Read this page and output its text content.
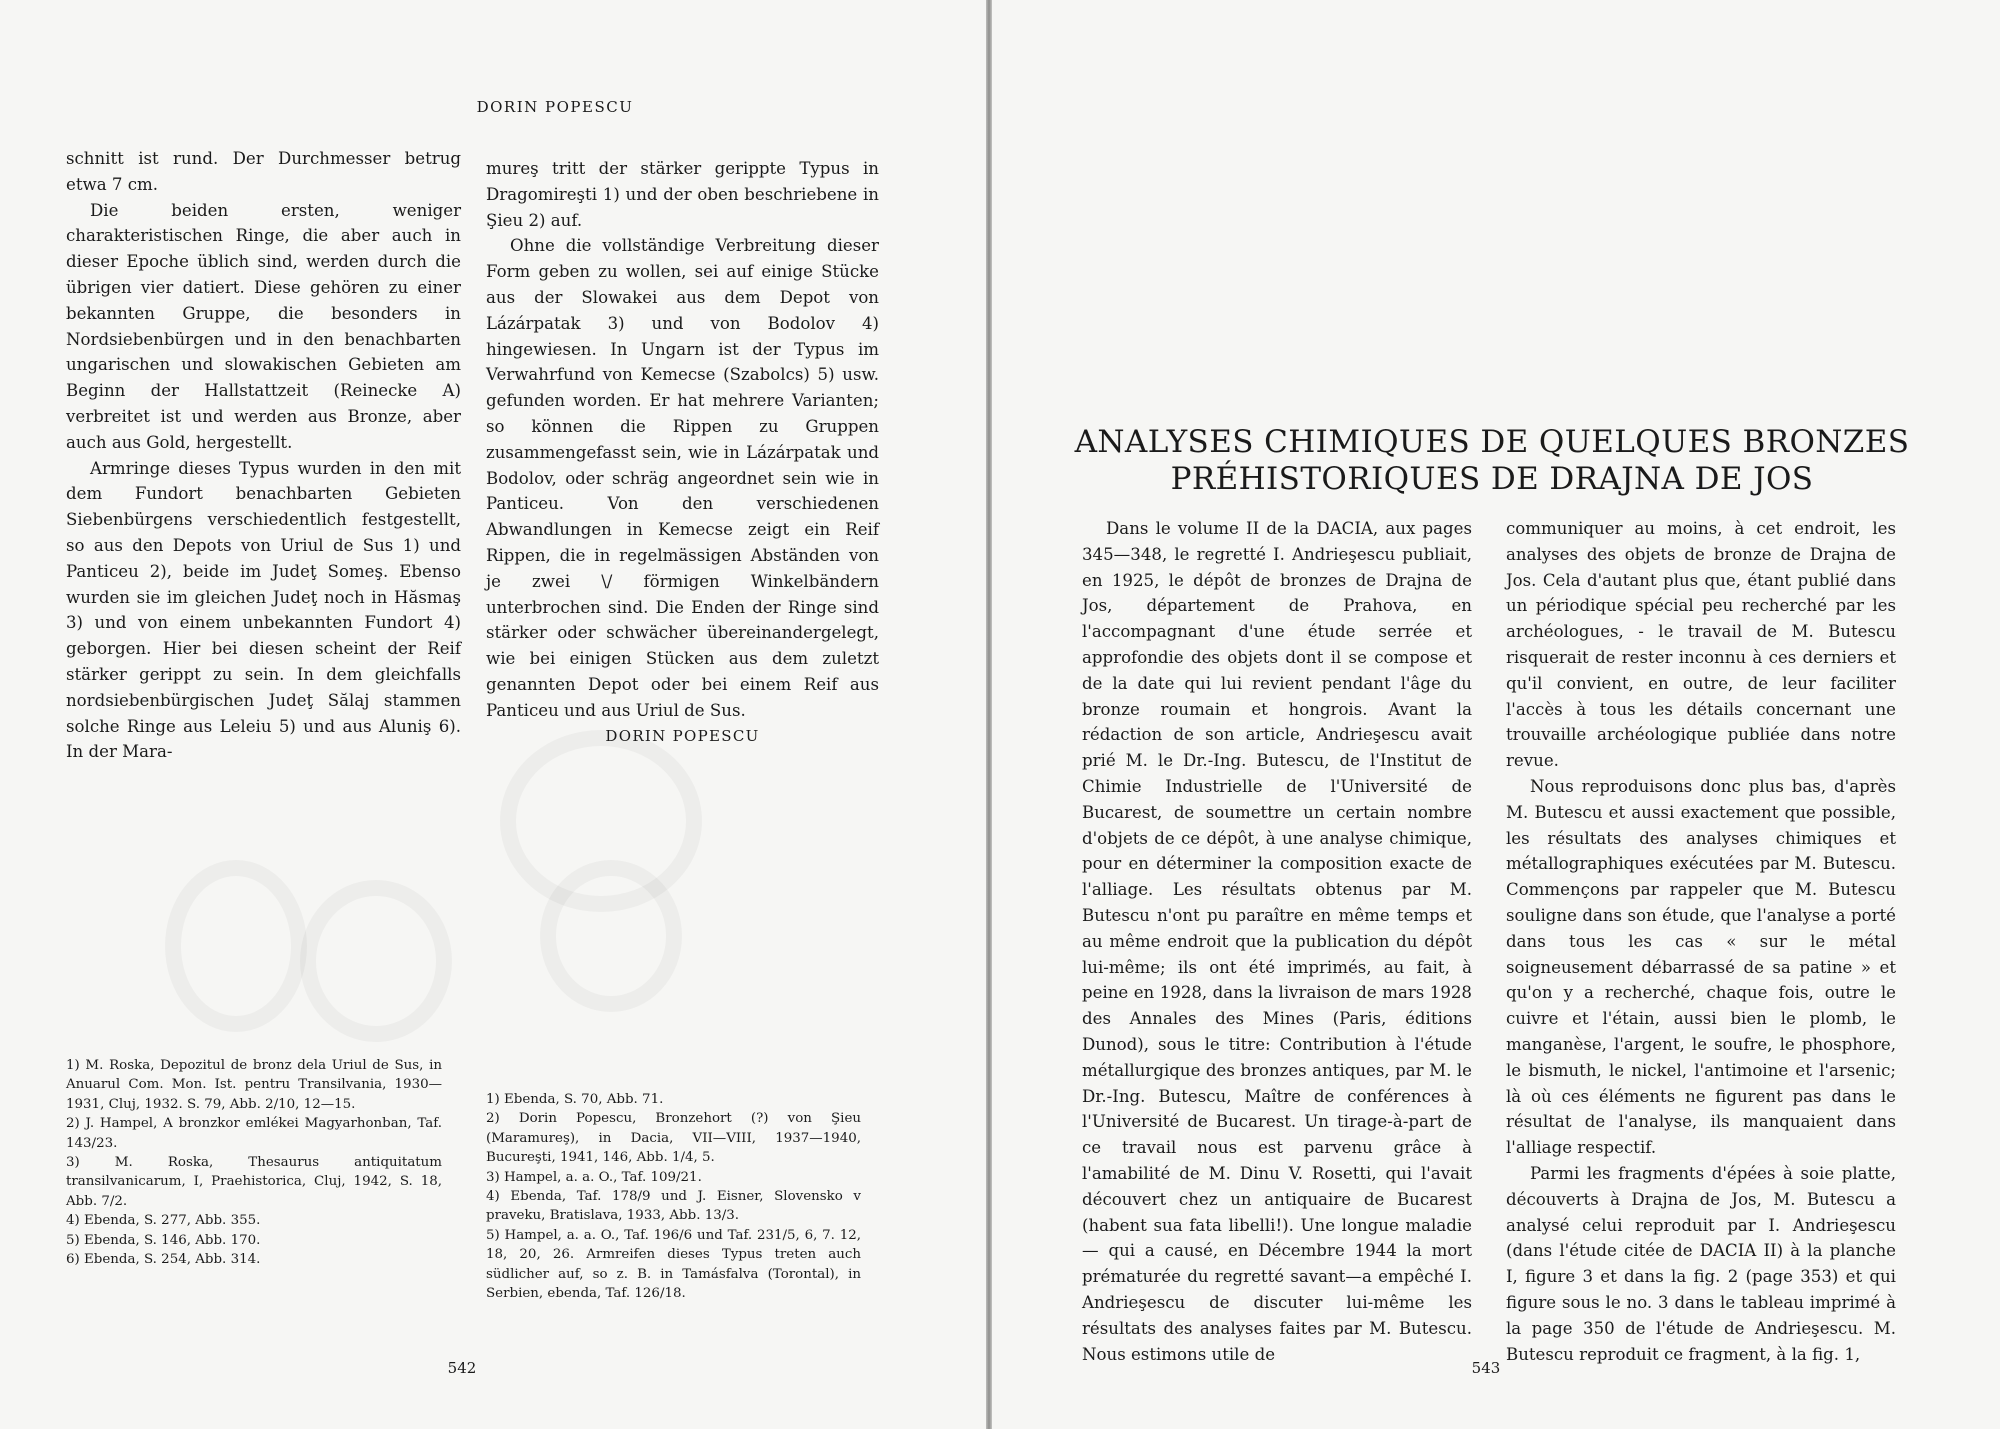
DORIN POPESCU

schnitt ist rund. Der Durchmesser betrug etwa 7 cm.

Die beiden ersten, weniger charakteristischen Ringe, die aber auch in dieser Epoche üblich sind, werden durch die übrigen vier datiert. Diese gehören zu einer bekannten Gruppe, die besonders in Nordsiebenbürgen und in den benachbarten ungarischen und slowakischen Gebieten am Beginn der Hallstattzeit (Reinecke A) verbreitet ist und werden aus Bronze, aber auch aus Gold, hergestellt.

Armringe dieses Typus wurden in den mit dem Fundort benachbarten Gebieten Siebenbürgens verschiedentlich festgestellt, so aus den Depots von Uriul de Sus 1) und Panticeu 2), beide im Judeţ Someş. Ebenso wurden sie im gleichen Judeţ noch in Hăsmaş 3) und von einem unbekannten Fundort 4) geborgen. Hier bei diesen scheint der Reif stärker gerippt zu sein. In dem gleichfalls nordsiebenbürgischen Judeţ Sălaj stammen solche Ringe aus Leleiu 5) und aus Aluniş 6). In der Mara-

mureş tritt der stärker gerippte Typus in Dragomireşti 1) und der oben beschriebene in Şieu 2) auf.

Ohne die vollständige Verbreitung dieser Form geben zu wollen, sei auf einige Stücke aus der Slowakei aus dem Depot von Lázárpatak 3) und von Bodolov 4) hingewiesen. In Ungarn ist der Typus im Verwahrfund von Kemecse (Szabolcs) 5) usw. gefunden worden. Er hat mehrere Varianten; so können die Rippen zu Gruppen zusammengefasst sein, wie in Lázárpatak und Bodolov, oder schräg angeordnet sein wie in Panticeu. Von den verschiedenen Abwandlungen in Kemecse zeigt ein Reif Rippen, die in regelmässigen Abständen von je zwei \/ förmigen Winkelbändern unterbrochen sind. Die Enden der Ringe sind stärker oder schwächer übereinandergelegt, wie bei einigen Stücken aus dem zuletzt genannten Depot oder bei einem Reif aus Panticeu und aus Uriul de Sus.

DORIN POPESCU

1) M. Roska, Depozitul de bronz dela Uriul de Sus, in Anuarul Com. Mon. Ist. pentru Transilvania, 1930—1931, Cluj, 1932. S. 79, Abb. 2/10, 12—15.

2) J. Hampel, A bronzkor emlékei Magyarhonban, Taf. 143/23.

3) M. Roska, Thesaurus antiquitatum transilvanicarum, I, Praehistorica, Cluj, 1942, S. 18, Abb. 7/2.

4) Ebenda, S. 277, Abb. 355.

5) Ebenda, S. 146, Abb. 170.

6) Ebenda, S. 254, Abb. 314.

1) Ebenda, S. 70, Abb. 71.

2) Dorin Popescu, Bronzehort (?) von Şieu (Maramureş), in Dacia, VII—VIII, 1937—1940, Bucureşti, 1941, 146, Abb. 1/4, 5.

3) Hampel, a. a. O., Taf. 109/21.

4) Ebenda, Taf. 178/9 und J. Eisner, Slovensko v praveku, Bratislava, 1933, Abb. 13/3.

5) Hampel, a. a. O., Taf. 196/6 und Taf. 231/5, 6, 7. 12, 18, 20, 26. Armreifen dieses Typus treten auch südlicher auf, so z. B. in Tamásfalva (Torontal), in Serbien, ebenda, Taf. 126/18.

542
ANALYSES CHIMIQUES DE QUELQUES BRONZES
PRÉHISTORIQUES DE DRAJNA DE JOS

Dans le volume II de la DACIA, aux pages 345—348, le regretté I. Andrieşescu publiait, en 1925, le dépôt de bronzes de Drajna de Jos, département de Prahova, en l'accompagnant d'une étude serrée et approfondie des objets dont il se compose et de la date qui lui revient pendant l'âge du bronze roumain et hongrois. Avant la rédaction de son article, Andrieşescu avait prié M. le Dr.-Ing. Butescu, de l'Institut de Chimie Industrielle de l'Université de Bucarest, de soumettre un certain nombre d'objets de ce dépôt, à une analyse chimique, pour en déterminer la composition exacte de l'alliage. Les résultats obtenus par M. Butescu n'ont pu paraître en même temps et au même endroit que la publication du dépôt lui-même; ils ont été imprimés, au fait, à peine en 1928, dans la livraison de mars 1928 des Annales des Mines (Paris, éditions Dunod), sous le titre: Contribution à l'étude métallurgique des bronzes antiques, par M. le Dr.-Ing. Butescu, Maître de conférences à l'Université de Bucarest. Un tirage-à-part de ce travail nous est parvenu grâce à l'amabilité de M. Dinu V. Rosetti, qui l'avait découvert chez un antiquaire de Bucarest (habent sua fata libelli!). Une longue maladie — qui a causé, en Décembre 1944 la mort prématurée du regretté savant—a empêché I. Andrieşescu de discuter lui-même les résultats des analyses faites par M. Butescu. Nous estimons utile de

communiquer au moins, à cet endroit, les analyses des objets de bronze de Drajna de Jos. Cela d'autant plus que, étant publié dans un périodique spécial peu recherché par les archéologues, - le travail de M. Butescu risquerait de rester inconnu à ces derniers et qu'il convient, en outre, de leur faciliter l'accès à tous les détails concernant une trouvaille archéologique publiée dans notre revue.

Nous reproduisons donc plus bas, d'après M. Butescu et aussi exactement que possible, les résultats des analyses chimiques et métallographiques exécutées par M. Butescu. Commençons par rappeler que M. Butescu souligne dans son étude, que l'analyse a porté dans tous les cas « sur le métal soigneusement débarrassé de sa patine » et qu'on y a recherché, chaque fois, outre le cuivre et l'étain, aussi bien le plomb, le manganèse, l'argent, le soufre, le phosphore, le bismuth, le nickel, l'antimoine et l'arsenic; là où ces éléments ne figurent pas dans le résultat de l'analyse, ils manquaient dans l'alliage respectif.

Parmi les fragments d'épées à soie platte, découverts à Drajna de Jos, M. Butescu a analysé celui reproduit par I. Andrieşescu (dans l'étude citée de DACIA II) à la planche I, figure 3 et dans la fig. 2 (page 353) et qui figure sous le no. 3 dans le tableau imprimé à la page 350 de l'étude de Andrieşescu. M. Butescu reproduit ce fragment, à la fig. 1,

543
